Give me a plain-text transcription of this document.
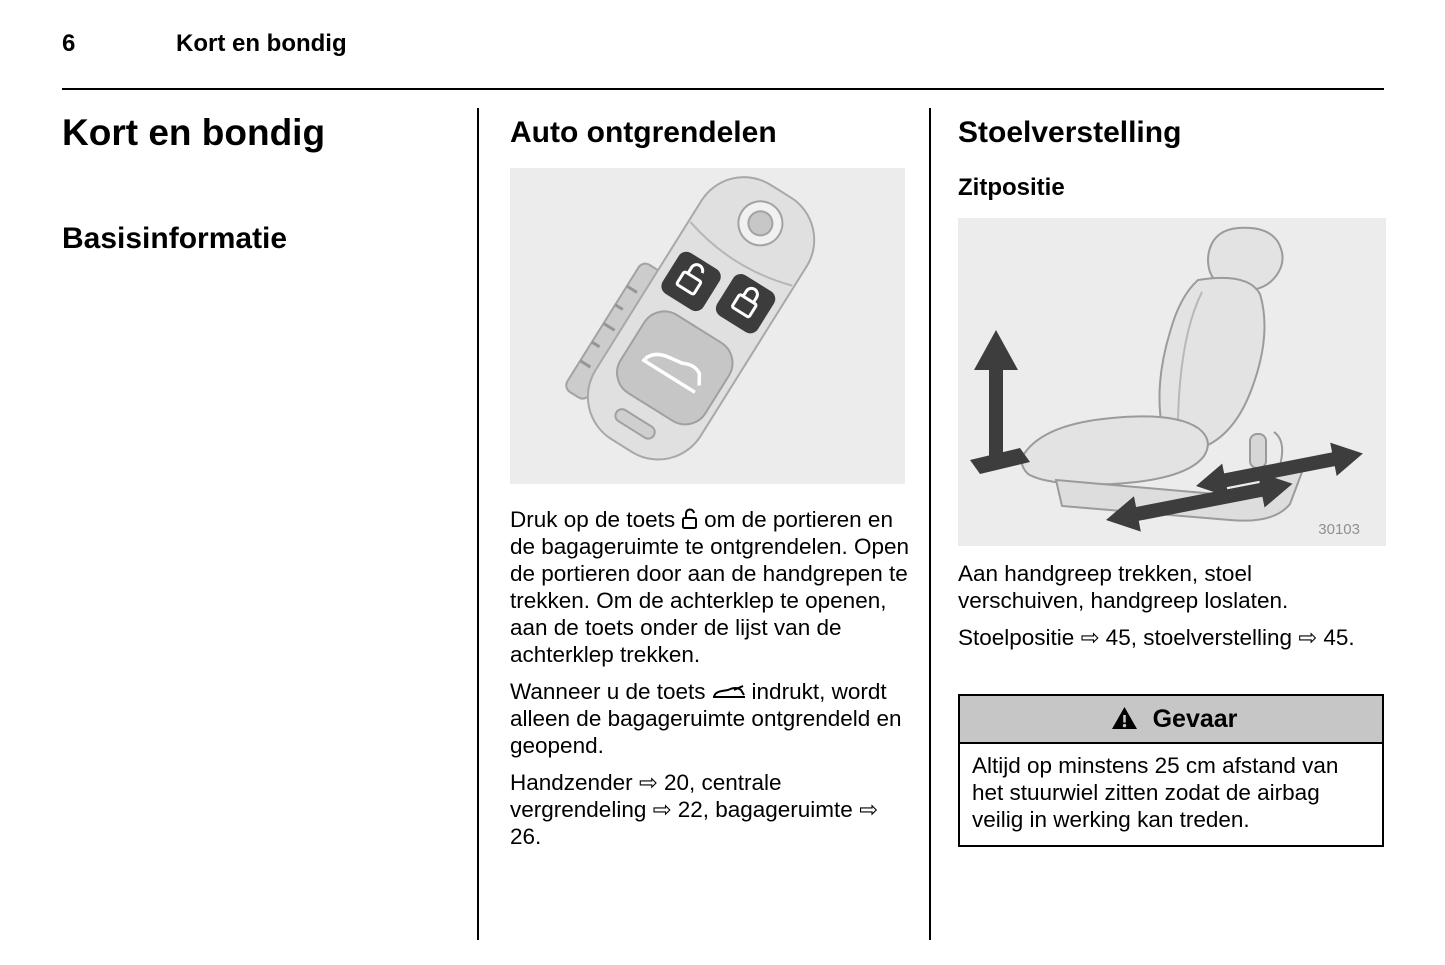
6	Kort en bondig
Kort en bondig
Basisinformatie
Auto ontgrendelen

Druk op de toets om de portieren en de bagageruimte te ontgrendelen. Open de portieren door aan de handgrepen te trekken. Om de achterklep te openen, aan de toets onder de lijst van de achterklep trekken.

Wanneer u de toets indrukt, wordt alleen de bagageruimte ontgrendeld en geopend.

Handzender ⇨ 20, centrale vergrendeling ⇨ 22, bagageruimte ⇨ 26.

Stoelverstelling
Zitpositie
30103

Aan handgreep trekken, stoel verschuiven, handgreep loslaten.

Stoelpositie ⇨ 45, stoelverstelling ⇨ 45.

Gevaar
Altijd op minstens 25 cm afstand van het stuurwiel zitten zodat de airbag veilig in werking kan treden.
